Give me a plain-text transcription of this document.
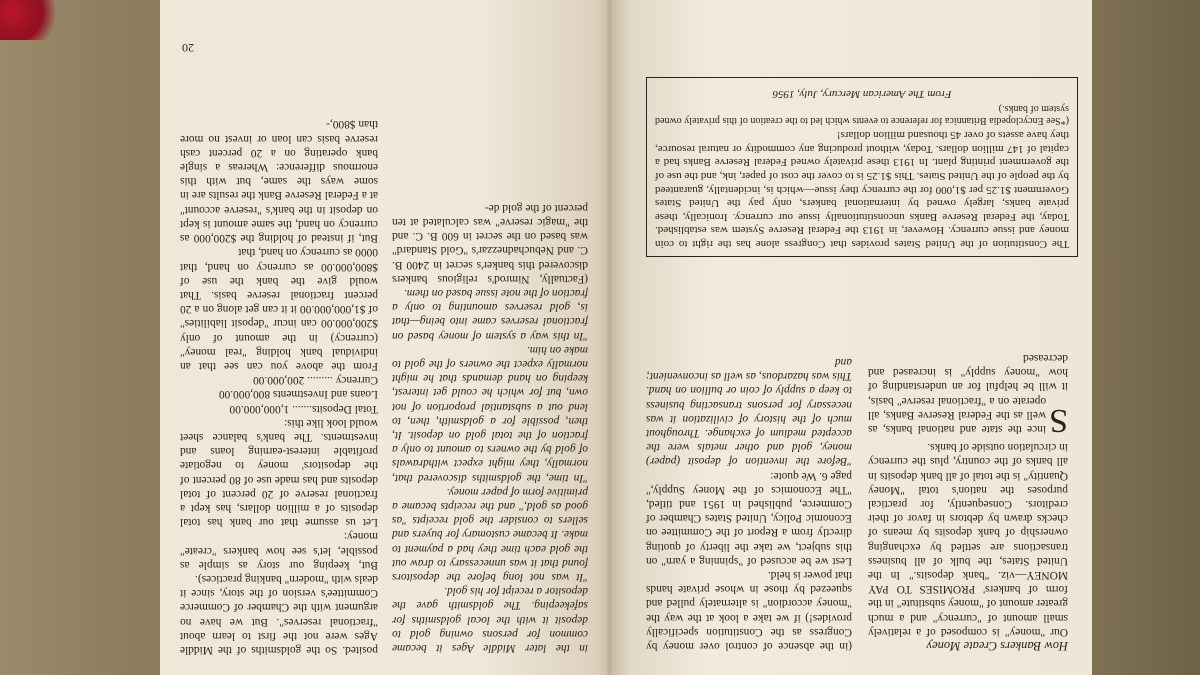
20

posited. So the goldsmiths of the Middle Ages were not the first to learn about "fractional reserves". But we have no argument with the Chamber of Commerce Committee's version of the story, since it deals with "modern" banking practices).

But, keeping our story as simple as possible, let's see how bankers "create" money:

Let us assume that our bank has total deposits of a million dollars, has kept a fractional reserve of 20 percent of total deposits and has made use of 80 percent of the depositors' money to negotiate profitable interest-earning loans and investments. The bank's balance sheet would look like this:

Total Deposits....... 1,000,000.00

Loans and Investments 800,000.00

Currency ......... 200,000.00

From the above you can see that an individual bank holding "real money" (currency) in the amount of only $200,000.00 can incur "deposit liabilities" of $1,000,000.00 it it can get along on a 20 percent fractional reserve basis. That would give the bank the use of $800,000.00 as currency on hand, that 0000 as currency on hand, that

But, if instead of holding the $200,000 as currency on hand, the same amount is kept on deposit in the bank's "reserve account" at a Federal Reserve Bank the results are in some ways the same, but with this enormous difference: Whereas a single bank operating on a 20 percent cash reserve basis can loan or invest no more than $800,-

in the later Middle Ages it became common for persons owning gold to deposit it with the local goldsmiths for safekeeping. The goldsmith gave the depositor a receipt for his gold.

"It was not long before the depositors found that it was unnecessary to draw out the gold each time they had a payment to make. It became customary for buyers and sellers to consider the gold receipts "as good as gold," and the receipts became a primitive form of paper money.

"In time, the goldsmiths discovered that, normally, they might expect withdrawals of gold by the owners to amount to only a fraction of the total gold on deposit. It, then, possible for a goldsmith, then, to lend out a substantial proportion of not own, but for which he could get interest, keeping on hand demands that he might normally expect the owners of the gold to make on him.

"In this way a system of money based on fractional reserves came into being—that is, gold reserves amounting to only a fraction of the note issue based on them.

(Factually, Nimrod's religious bankers discovered this banker's secret in 2400 B. C. and Nebuchadnezzar's "Gold Standard" was based on the secret in 600 B. C. and the "magic reserve" was calculated at ten percent of the gold de-

How Bankers Create Money

Our "money" is composed of a relatively small amount of "currency" and a much greater amount of "money substitute" in the form of bankers' PROMISES TO PAY MONEY—viz. "bank deposits." In the United States, the bulk of all business transactions are settled by exchanging ownership of bank deposits by means of checks drawn by debtors in favor of their creditors. Consequently, for practical purposes the nation's total "Money Quantity" is the total of all bank deposits in all banks of the country, plus the currency in circulation outside of banks.

S
ince the state and national banks, as well as the Federal Reserve Banks, all operate on a "fractional reserve" basis, it will be helpful for an understanding of how "money supply" is increased and decreased

(in the absence of control over money by Congress as the Constitution specifically provides!) if we take a look at the way the "money accordion" is alternately pulled and squeezed by those in whose private hands that power is held.

Lest we be accused of "spinning a yarn" on this subject, we take the liberty of quoting directly from a Report of the Committee on Economic Policy, United States Chamber of Commerce, published in 1951 and titled, "The Economics of the Money Supply," page 6. We quote:

"Before the invention of deposit (paper) money, gold and other metals were the accepted medium of exchange. Throughout much of the history of civilization it was necessary for persons transacting business to keep a supply of coin or bullion on hand. This was hazardous, as well as inconvenient; and

The Constitution of the United States provides that Congress alone has the right to coin money and issue currency. However, in 1913 the Federal Reserve System was established. Today, the Federal Reserve Banks unconstitutionally issue our currency. Ironically, these private banks, largely owned by international bankers, only pay the United States Government $1.25 per $1,000 for the currency they issue—which is, incidentally, guaranteed by the people of the United States. This $1.25 is to cover the cost of paper, ink, and the use of the government printing plant. In 1913 these privately owned Federal Reserve Banks had a capital of 147 million dollars. Today, without producing any commodity or natural resource, they have assets of over 45 thousand million dollars!

(*See Encyclopedia Britannica for reference to events which led to the creation of this privately owned system of banks.)

From The American Mercury, July, 1956
